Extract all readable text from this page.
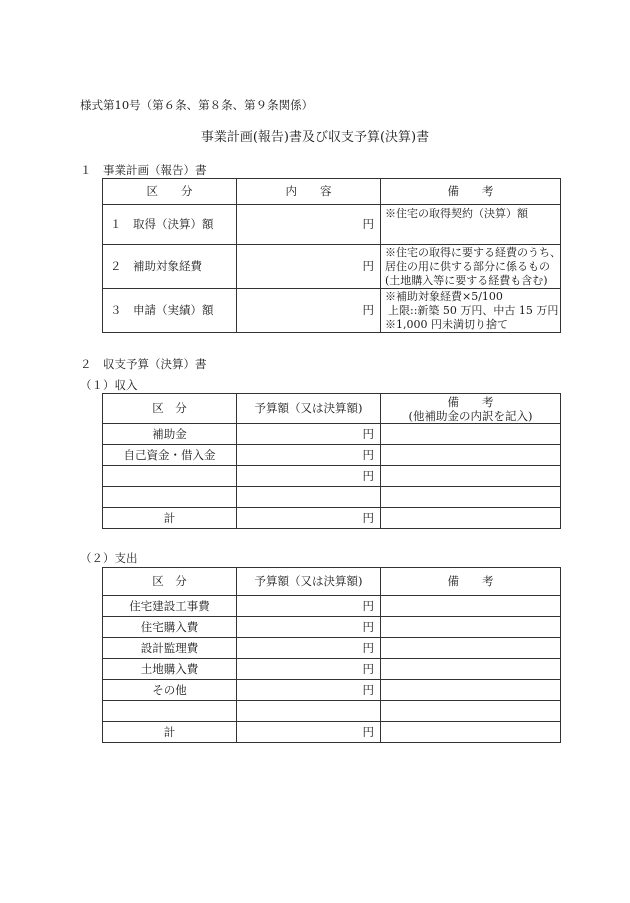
様式第10号（第６条、第８条、第９条関係）
事業計画(報告)書及び収支予算(決算)書
１　事業計画（報告）書
区　　分	内　　容	備　　考
１　取得（決算）額	円	※住宅の取得契約（決算）額

２　補助対象経費	円	※住宅の取得に要する経費のうち、
居住の用に供する部分に係るもの
(土地購入等に要する経費も含む)

３　申請（実績）額	円	※補助対象経費×5/100
上限::新築 50 万円、中古 15 万円
※1,000 円未満切り捨て
２　収支予算（決算）書
（１）収入
区　分	予算額（又は決算額)	備　　考
(他補助金の内訳を記入)

補助金	円	
自己資金・借入金	円	
	円	

計	円	
（２）支出
区　分	予算額（又は決算額)	備　　考
住宅建設工事費	円	
住宅購入費	円	
設計監理費	円	
土地購入費	円	
その他	円	

計	円	
